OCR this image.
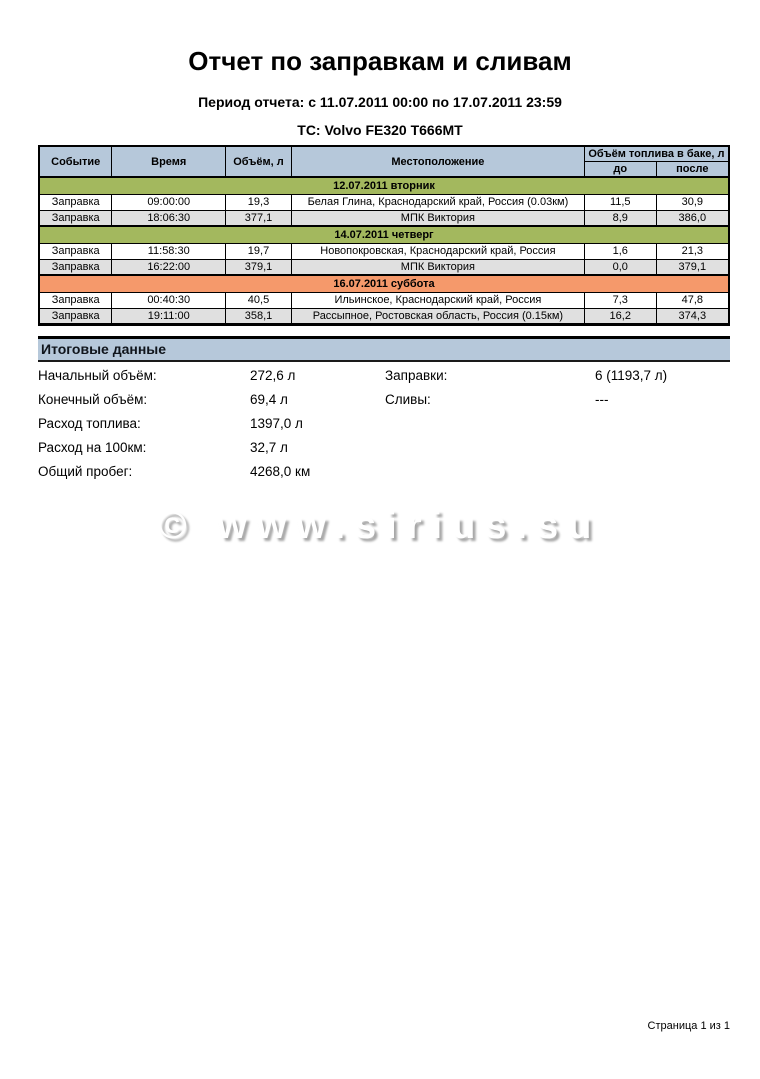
Отчет по заправкам и сливам
Период отчета: с 11.07.2011 00:00 по 17.07.2011 23:59
ТС: Volvo FE320 Т666МТ
Событие	Время	Объём, л	Местоположение	Объём топлива в баке, л	
				до	после
12.07.2011 вторник					
Заправка	09:00:00	19,3	Белая Глина, Краснодарский край, Россия (0.03км)	11,5	30,9
Заправка	18:06:30	377,1	МПК Виктория	8,9	386,0
14.07.2011 четверг					
Заправка	11:58:30	19,7	Новопокровская, Краснодарский край, Россия	1,6	21,3
Заправка	16:22:00	379,1	МПК Виктория	0,0	379,1
16.07.2011 суббота					
Заправка	00:40:30	40,5	Ильинское, Краснодарский край, Россия	7,3	47,8
Заправка	19:11:00	358,1	Рассыпное, Ростовская область, Россия (0.15км)	16,2	374,3
Итоговые данные
Начальный объём:	272,6 л	Заправки:	6 (1193,7 л)
Конечный объём:	69,4 л	Сливы:	---
Расход топлива:	1397,0 л
Расход на 100км:	32,7 л
Общий пробег:	4268,0 км
© www.sirius.su
Страница 1 из 1
